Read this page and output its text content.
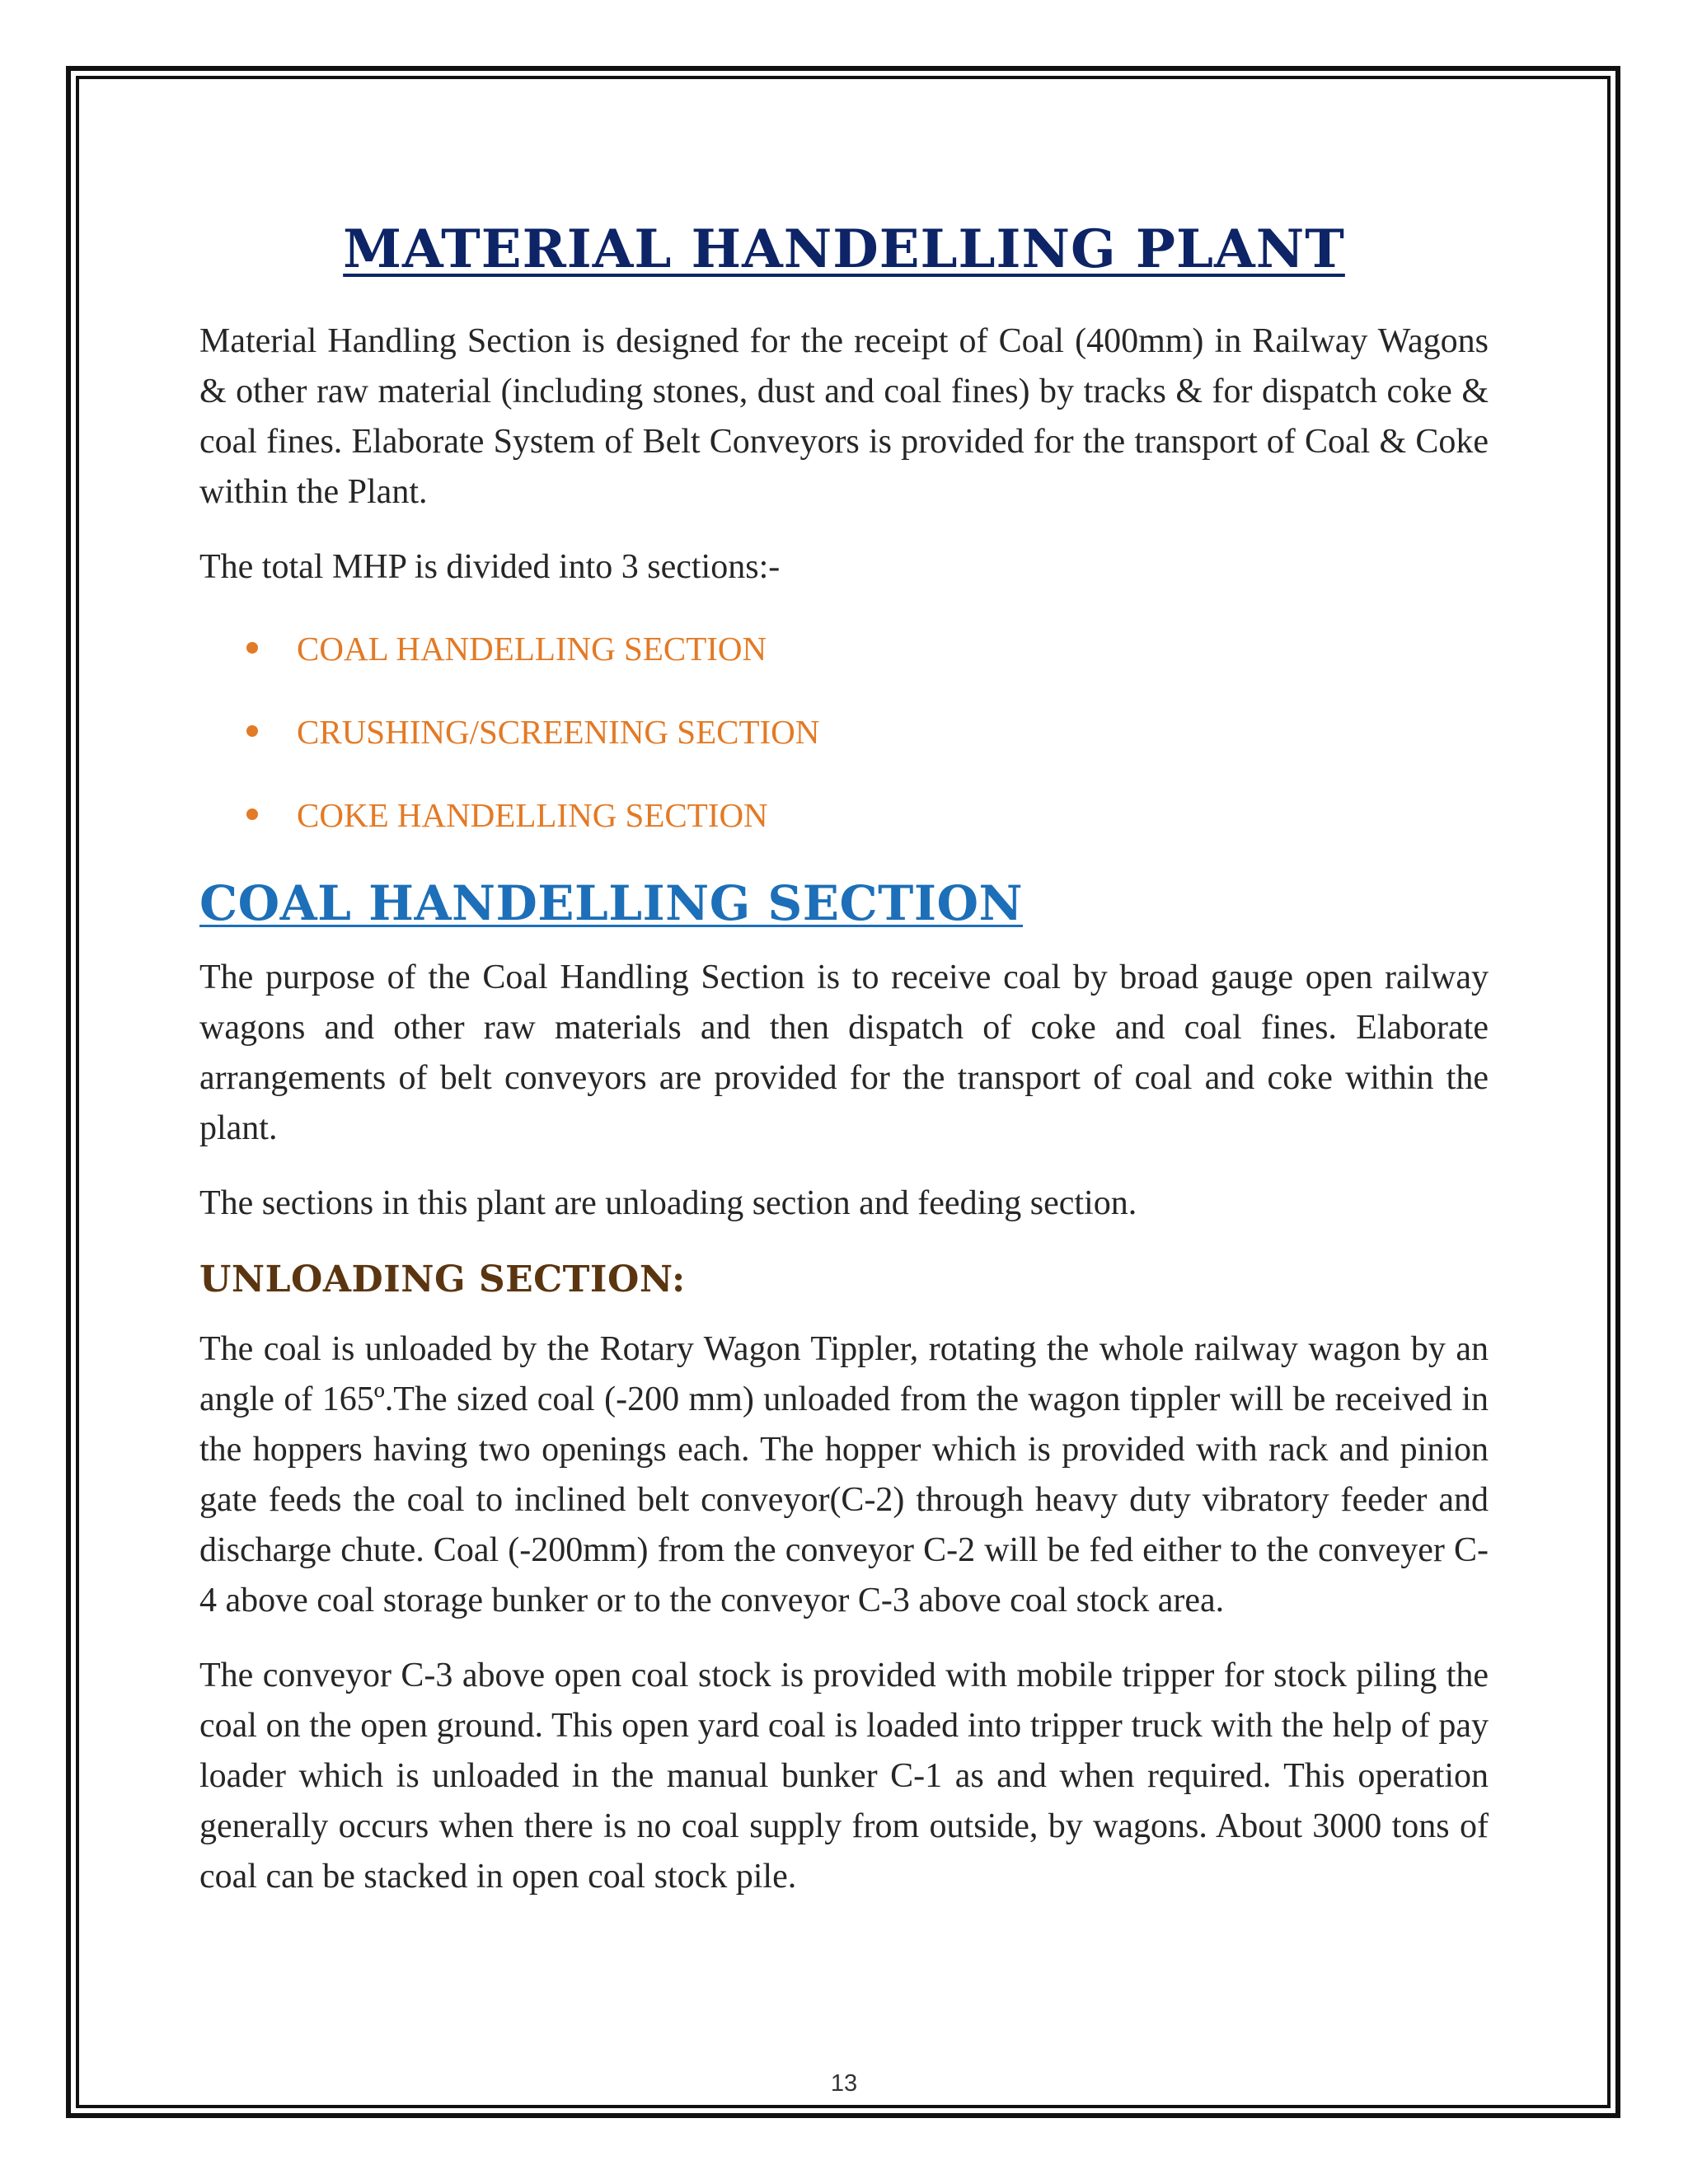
MATERIAL HANDELLING PLANT

Material Handling Section is designed for the receipt of Coal (400mm) in Railway Wagons & other raw material (including stones, dust and coal fines) by tracks & for dispatch coke & coal fines. Elaborate System of Belt Conveyors is provided for the transport of Coal & Coke within the Plant.

The total MHP is divided into 3 sections:-

COAL HANDELLING SECTION
CRUSHING/SCREENING SECTION
COKE HANDELLING SECTION
COAL HANDELLING SECTION

The purpose of the Coal Handling Section is to receive coal by broad gauge open railway wagons and other raw materials and then dispatch of coke and coal fines. Elaborate arrangements of belt conveyors are provided for the transport of coal and coke within the plant.

The sections in this plant are unloading section and feeding section.

UNLOADING SECTION:

The coal is unloaded by the Rotary Wagon Tippler, rotating the whole railway wagon by an angle of 165º.The sized coal (-200 mm) unloaded from the wagon tippler will be received in the hoppers having two openings each. The hopper which is provided with rack and pinion gate feeds the coal to inclined belt conveyor(C-2) through heavy duty vibratory feeder and discharge chute. Coal (-200mm) from the conveyor C-2 will be fed either to the conveyer C-4 above coal storage bunker or to the conveyor C-3 above coal stock area.

The conveyor C-3 above open coal stock is provided with mobile tripper for stock piling the coal on the open ground. This open yard coal is loaded into tripper truck with the help of pay loader which is unloaded in the manual bunker C-1 as and when required. This operation generally occurs when there is no coal supply from outside, by wagons. About 3000 tons of coal can be stacked in open coal stock pile.

13
